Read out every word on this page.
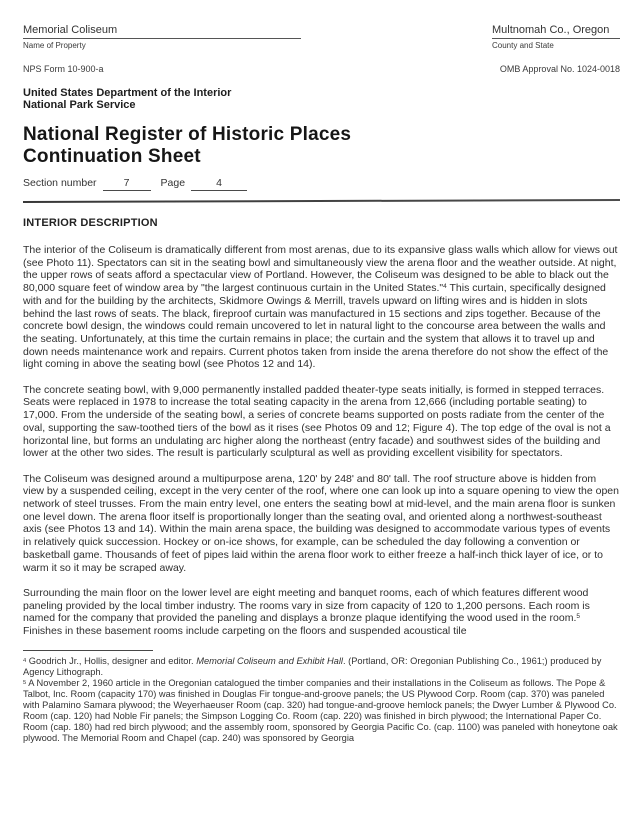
Memorial Coliseum
Name of Property
Multnomah Co., Oregon
County and State
NPS Form 10-900-a	OMB Approval No. 1024-0018
United States Department of the Interior
National Park Service
National Register of Historic Places
Continuation Sheet
Section number	7	Page	4
INTERIOR DESCRIPTION

The interior of the Coliseum is dramatically different from most arenas, due to its expansive glass walls which allow for views out (see Photo 11). Spectators can sit in the seating bowl and simultaneously view the arena floor and the weather outside. At night, the upper rows of seats afford a spectacular view of Portland. However, the Coliseum was designed to be able to black out the 80,000 square feet of window area by "the largest continuous curtain in the United States."$^4$ This curtain, specifically designed with and for the building by the architects, Skidmore Owings & Merrill, travels upward on lifting wires and is hidden in slots behind the last rows of seats. The black, fireproof curtain was manufactured in 15 sections and zips together. Because of the concrete bowl design, the windows could remain uncovered to let in natural light to the concourse area between the walls and the seating. Unfortunately, at this time the curtain remains in place; the curtain and the system that allows it to travel up and down needs maintenance work and repairs. Current photos taken from inside the arena therefore do not show the effect of the light coming in above the seating bowl (see Photos 12 and 14).

The concrete seating bowl, with 9,000 permanently installed padded theater-type seats initially, is formed in stepped terraces. Seats were replaced in 1978 to increase the total seating capacity in the arena from 12,666 (including portable seating) to 17,000. From the underside of the seating bowl, a series of concrete beams supported on posts radiate from the center of the oval, supporting the saw-toothed tiers of the bowl as it rises (see Photos 09 and 12; Figure 4). The top edge of the oval is not a horizontal line, but forms an undulating arc higher along the northeast (entry facade) and southwest sides of the building and lower at the other two sides. The result is particularly sculptural as well as providing excellent visibility for spectators.

The Coliseum was designed around a multipurpose arena, 120' by 248' and 80' tall. The roof structure above is hidden from view by a suspended ceiling, except in the very center of the roof, where one can look up into a square opening to view the open network of steel trusses. From the main entry level, one enters the seating bowl at mid-level, and the main arena floor is sunken one level down. The arena floor itself is proportionally longer than the seating oval, and oriented along a northwest-southeast axis (see Photos 13 and 14). Within the main arena space, the building was designed to accommodate various types of events in relatively quick succession. Hockey or on-ice shows, for example, can be scheduled the day following a convention or basketball game. Thousands of feet of pipes laid within the arena floor work to either freeze a half-inch thick layer of ice, or to warm it so it may be scraped away.

Surrounding the main floor on the lower level are eight meeting and banquet rooms, each of which features different wood paneling provided by the local timber industry. The rooms vary in size from capacity of 120 to 1,200 persons. Each room is named for the company that provided the paneling and displays a bronze plaque identifying the wood used in the room.$^5$ Finishes in these basement rooms include carpeting on the floors and suspended acoustical tile

$^4$ Goodrich Jr., Hollis, designer and editor. Memorial Coliseum and Exhibit Hall. (Portland, OR: Oregonian Publishing Co., 1961;) produced by Agency Lithograph.
$^5$ A November 2, 1960 article in the Oregonian catalogued the timber companies and their installations in the Coliseum as follows. The Pope & Talbot, Inc. Room (capacity 170) was finished in Douglas Fir tongue-and-groove panels; the US Plywood Corp. Room (cap. 370) was paneled with Palamino Samara plywood; the Weyerhaeuser Room (cap. 320) had tongue-and-groove hemlock panels; the Dwyer Lumber & Plywood Co. Room (cap. 120) had Noble Fir panels; the Simpson Logging Co. Room (cap. 220) was finished in birch plywood; the International Paper Co. Room (cap. 180) had red birch plywood; and the assembly room, sponsored by Georgia Pacific Co. (cap. 1100) was paneled with honeytone oak plywood. The Memorial Room and Chapel (cap. 240) was sponsored by Georgia
